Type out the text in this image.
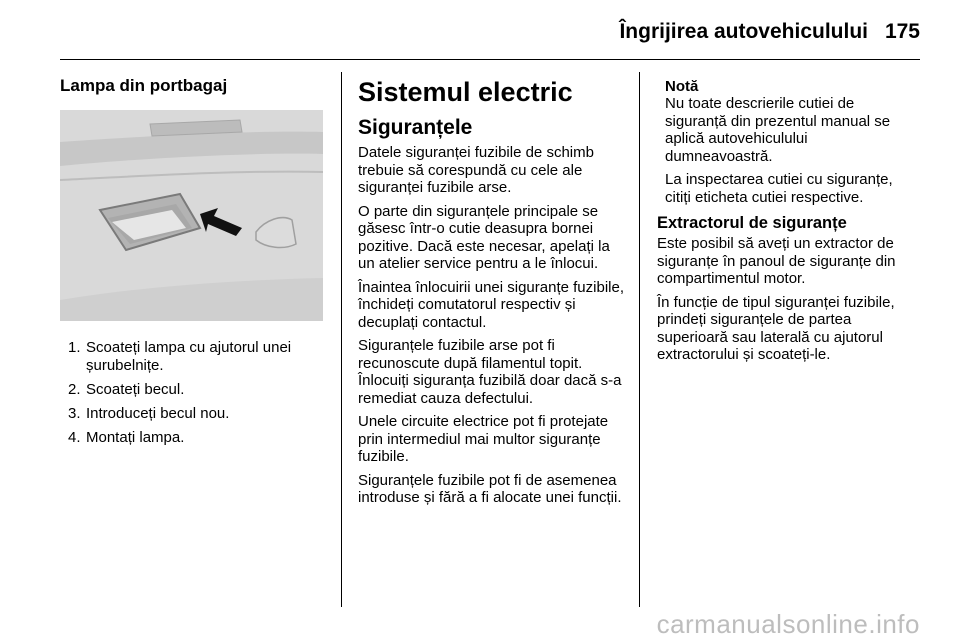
Îngrijirea autovehiculului 175
Lampa din portbagaj
1. Scoateți lampa cu ajutorul unei șurubelnițe.
2. Scoateți becul.
3. Introduceți becul nou.
4. Montați lampa.
Sistemul electric
Siguranțele

Datele siguranței fuzibile de schimb trebuie să corespundă cu cele ale siguranței fuzibile arse.

O parte din siguranțele principale se găsesc într-o cutie deasupra bornei pozitive. Dacă este necesar, apelați la un atelier service pentru a le înlocui.

Înaintea înlocuirii unei siguranțe fuzibile, închideți comutatorul respectiv și decuplați contactul.

Siguranțele fuzibile arse pot fi recunoscute după filamentul topit. Înlocuiți siguranța fuzibilă doar dacă s-a remediat cauza defectului.

Unele circuite electrice pot fi protejate prin intermediul mai multor siguranțe fuzibile.

Siguranțele fuzibile pot fi de asemenea introduse și fără a fi alocate unei funcții.

Notă

Nu toate descrierile cutiei de siguranță din prezentul manual se aplică autovehiculului dumneavoastră.

La inspectarea cutiei cu siguranțe, citiți eticheta cutiei respective.

Extractorul de siguranțe

Este posibil să aveți un extractor de siguranțe în panoul de siguranțe din compartimentul motor.

În funcție de tipul siguranței fuzibile, prindeți siguranțele de partea superioară sau laterală cu ajutorul extractorului și scoateți-le.

carmanualsonline.info
